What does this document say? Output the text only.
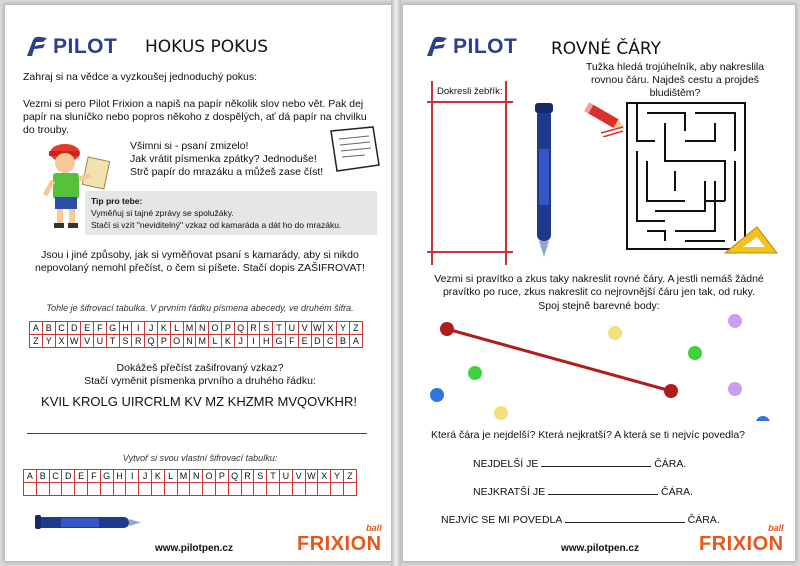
PILOT HOKUS POKUS
Zahraj si na vědce a vyzkoušej jednoduchý pokus:
Vezmi si pero Pilot Frixion a napiš na papír několik slov nebo vět. Pak dej papír na sluníčko nebo popros někoho z dospělých, ať dá papír na chvilku do trouby.
Všimni si - psaní zmizelo!
Jak vrátit písmenka zpátky? Jednoduše!
Strč papír do mrazáku a můžeš zase číst!
Tip pro tebe:
Vyměňuj si tajné zprávy se spolužáky.
Stačí si vzít "neviditelný" vzkaz od kamaráda a dát ho do mrazáku.
Jsou i jiné způsoby, jak si vyměňovat psaní s kamarády, aby si nikdo nepovolaný nemohl přečíst, o čem si píšete. Stačí dopis ZAŠIFROVAT!
Tohle je šifrovací tabulka. V prvním řádku písmena abecedy, ve druhém šifra.
A	B	C	D	E	F	G	H	I	J	K	L	M	N	O	P	Q	R	S	T	U	V	W	X	Y	Z
Z	Y	X	W	V	U	T	S	R	Q	P	O	N	M	L	K	J	I	H	G	F	E	D	C	B	A
Dokážeš přečíst zašifrovaný vzkaz?
Stačí vyměnit písmenka prvního a druhého řádku:
KVIL KROLG UIRCRLM KV MZ KHZMR MVQOVKHR!
Vytvoř si svou vlastní šifrovací tabulku:
A	B	C	D	E	F	G	H	I	J	K	L	M	N	O	P	Q	R	S	T	U	V	W	X	Y	Z

www.pilotpen.cz
ball
FRIXION
PILOT ROVNÉ ČÁRY
Dokresli žebřík:
Tužka hledá trojúhelník, aby nakreslila rovnou čáru. Najdeš cestu a projdeš bludištěm?
Vezmi si pravítko a zkus taky nakreslit rovné čáry. A jestli nemáš žádné pravítko po ruce, zkus nakreslit co nejrovnější čáru jen tak, od ruky.
Spoj stejně barevné body:
Která čára je nejdelší? Která nejkratší? A která se ti nejvíc povedla?
NEJDELŠÍ JE	ČÁRA.
NEJKRATŠÍ JE	ČÁRA.
NEJVÍC SE MI POVEDLA	ČÁRA.
www.pilotpen.cz
ball
FRIXION
